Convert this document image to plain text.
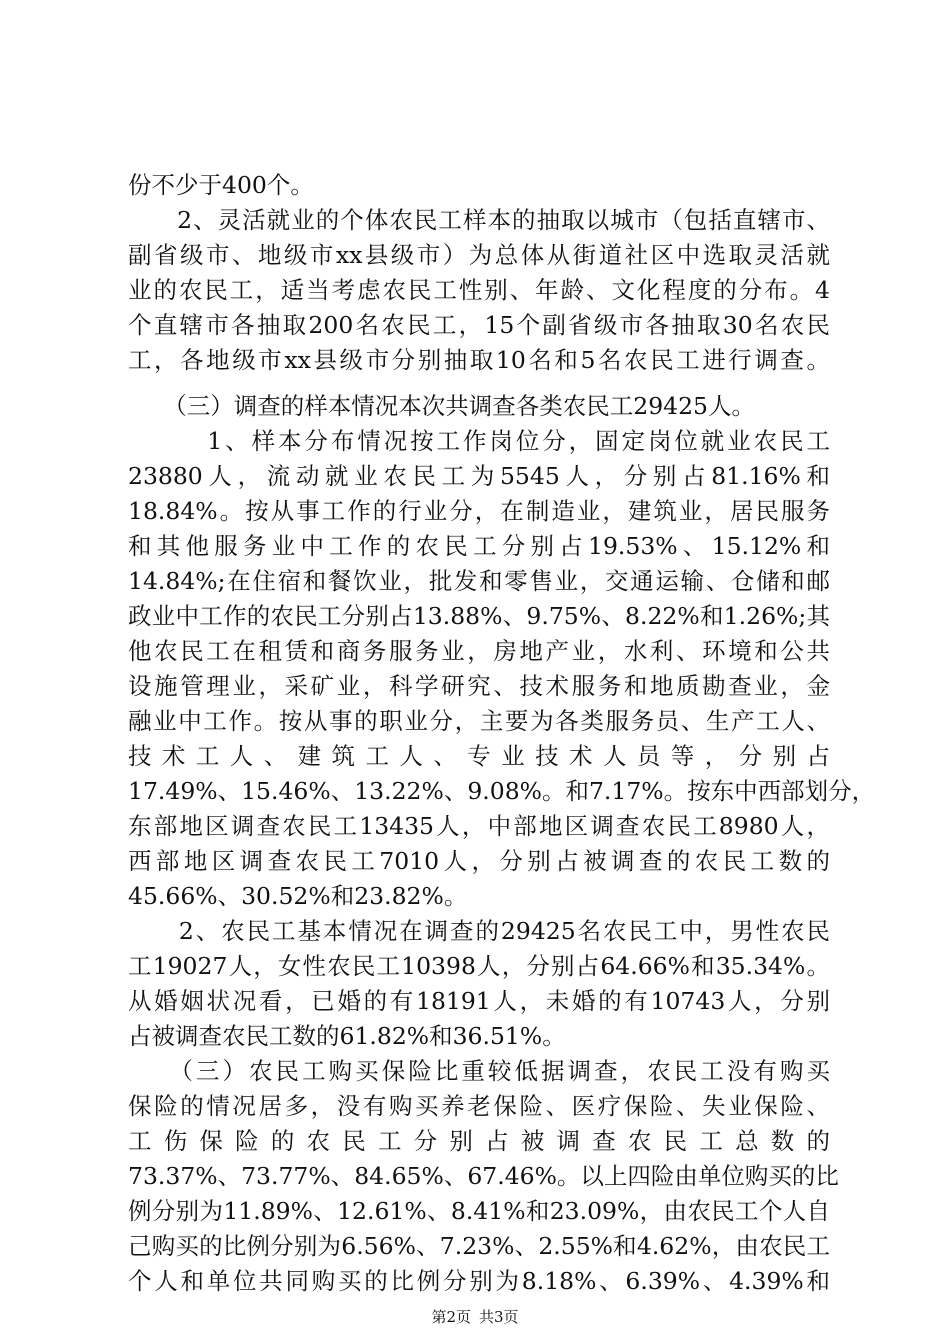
份不少于400个。
　　2、灵活就业的个体农民工样本的抽取以城市（包括直辖市、
副省级市、地级市xx县级市）为总体从街道社区中选取灵活就
业的农民工，适当考虑农民工性别、年龄、文化程度的分布。4
个直辖市各抽取200名农民工，15个副省级市各抽取30名农民
工，各地级市xx县级市分别抽取10名和5名农民工进行调查。
　　（三）调查的样本情况本次共调查各类农民工29425人。
　　　1、样本分布情况按工作岗位分，固定岗位就业农民工
23880人，流动就业农民工为5545人，分别占81.16%和
18.84%。按从事工作的行业分，在制造业，建筑业，居民服务
和其他服务业中工作的农民工分别占19.53%、15.12%和
14.84%;在住宿和餐饮业，批发和零售业，交通运输、仓储和邮
政业中工作的农民工分别占13.88%、9.75%、8.22%和1.26%;其
他农民工在租赁和商务服务业，房地产业，水利、环境和公共
设施管理业，采矿业，科学研究、技术服务和地质勘查业，金
融业中工作。按从事的职业分，主要为各类服务员、生产工人、
技术工人、建筑工人、专业技术人员等，分别占
17.49%、15.46%、13.22%、9.08%。和7.17%。按东中西部划分，
东部地区调查农民工13435人，中部地区调查农民工8980人，
西部地区调查农民工7010人，分别占被调查的农民工数的
45.66%、30.52%和23.82%。
　　2、农民工基本情况在调查的29425名农民工中，男性农民
工19027人，女性农民工10398人，分别占64.66%和35.34%。
从婚姻状况看，已婚的有18191人，未婚的有10743人，分别
占被调查农民工数的61.82%和36.51%。
　　（三）农民工购买保险比重较低据调查，农民工没有购买
保险的情况居多，没有购买养老保险、医疗保险、失业保险、
工伤保险的农民工分别占被调查农民工总数的
73.37%、73.77%、84.65%、67.46%。以上四险由单位购买的比
例分别为11.89%、12.61%、8.41%和23.09%，由农民工个人自
己购买的比例分别为6.56%、7.23%、2.55%和4.62%，由农民工
个人和单位共同购买的比例分别为8.18%、6.39%、4.39%和
第2页 共3页
